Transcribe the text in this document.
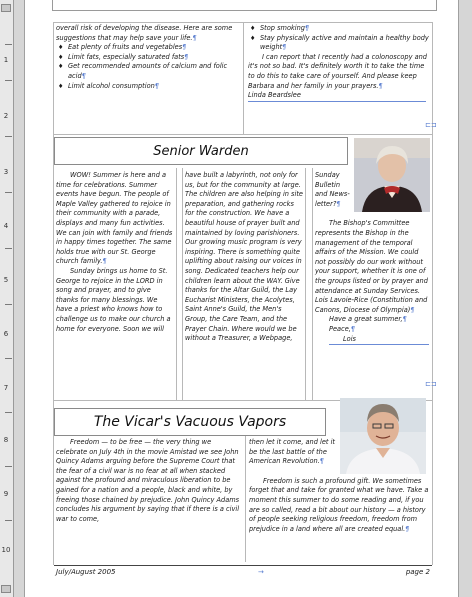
1
2
3
4
5
6
7
8
9
10

overall risk of developing the disease. Here are some suggestions that may help save your life.¶

♦ Eat plenty of fruits and vegetables¶
♦ Limit fats, especially saturated fats¶
♦ Get recommended amounts of calcium and folic acid¶
♦ Limit alcohol consumption¶
♦ Stop smoking¶
♦ Stay physically active and maintain a healthy body weight¶

I can report that I recently had a colonoscopy and it's not so bad. It's definitely worth it to take the time to do this to take care of yourself. And please keep Barbara and her family in your prayers.¶

Linda Beardslee

⊏⊐
Senior Warden

WOW! Summer is here and a time for celebrations. Summer events have begun. The people of Maple Valley gathered to rejoice in their community with a parade, displays and many fun activities. We can join with family and friends in happy times together. The same holds true with our St. George church family.¶

Sunday brings us home to St. George to rejoice in the LORD in song and prayer, and to give thanks for many blessings. We have a priest who knows how to challenge us to make our church a home for everyone. Soon we will

have built a labyrinth, not only for us, but for the community at large. The children are also helping in site preparation, and gathering rocks for the construction. We have a beautiful house of prayer built and maintained by loving parishioners. Our growing music program is very inspiring. There is something quite uplifting about raising our voices in song. Dedicated teachers help our children learn about the WAY. Give thanks for the Altar Guild, the Lay Eucharist Ministers, the Acolytes, Saint Anne's Guild, the Men's Group, the Care Team, and the Prayer Chain. Where would we be without a Treasurer, a Webpage,

Sunday Bulletin and News-letter?¶

The Bishop's Committee represents the Bishop in the management of the temporal affairs of the Mission. We could not possibly do our work without your support, whether it is one of the groups listed or by prayer and attendance at Sunday Services. Lois Lavoie-Rice (Constitution and Canons, Diocese of Olympia)¶

Have a great summer,¶

Peace,¶

Lois

⊏⊐
The Vicar's Vacuous Vapors

Freedom — to be free — the very thing we celebrate on July 4th in the movie Amistad we see John Quincy Adams arguing before the Supreme Court that the fear of a civil war is no fear at all when stacked against the profound and miraculous liberation to be gained for a nation and a people, black and white, by freeing those chained by prejudice. John Quincy Adams concludes his argument by saying that if there is a civil war to come,

then let it come, and let it be the last battle of the American Revolution.¶

Freedom is such a profound gift. We sometimes forget that and take for granted what we have. Take a moment this summer to do some reading and, if you are so called, read a bit about our history — a history of people seeking religious freedom, freedom from prejudice in a land where all are created equal.¶

July/August 2005	→	page 2
